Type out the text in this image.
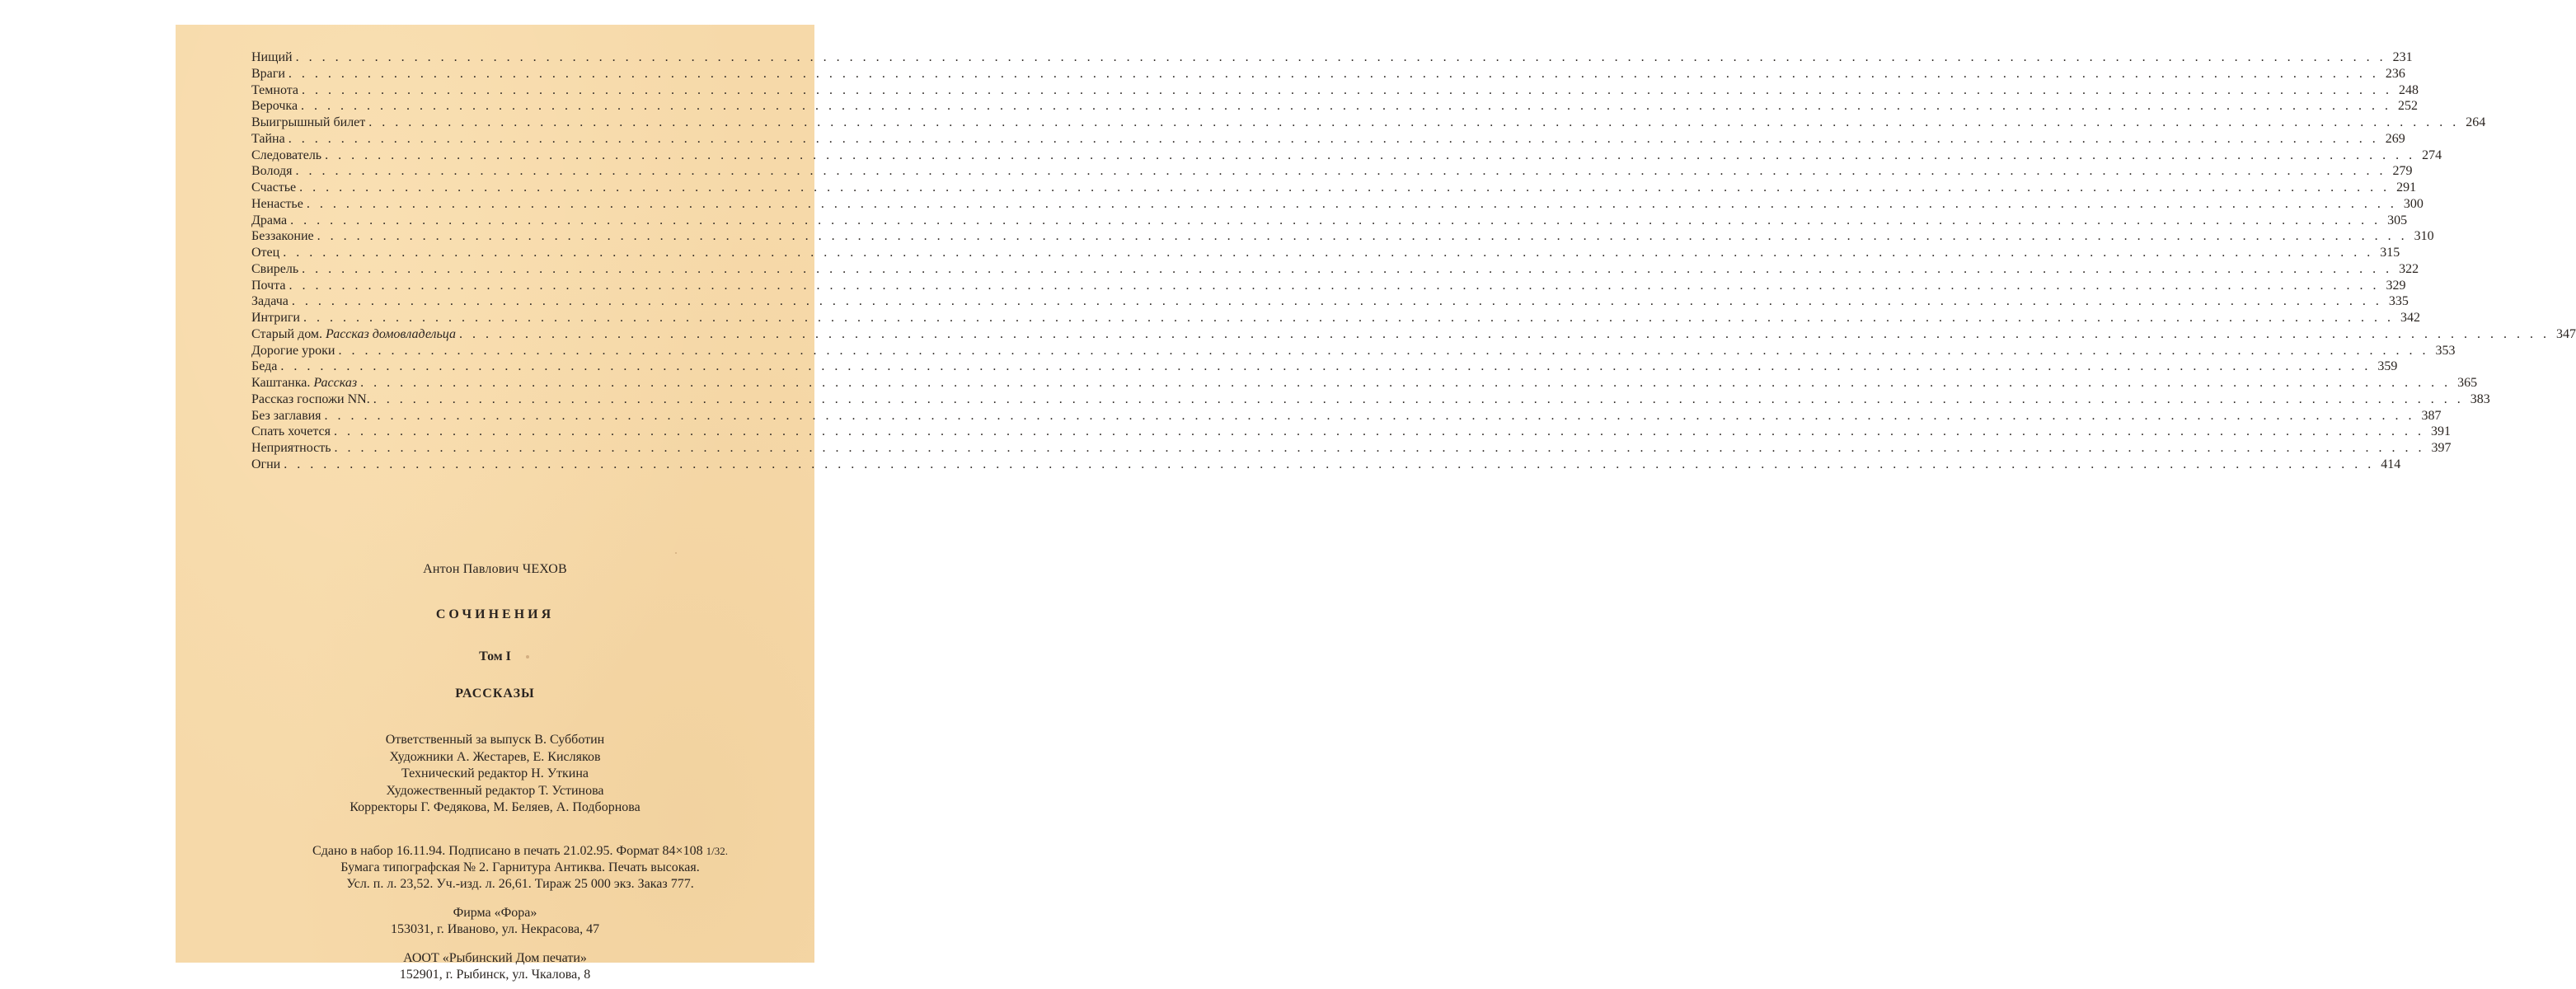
Нищий . . .	231
Враги . . .	236
Темнота . . .	248
Верочка . . .	252
Выигрышный билет . . .	264
Тайна . . .	269
Следователь . . .	274
Володя . . .	279
Счастье . . .	291
Ненастье . . .	300
Драма . . .	305
Беззаконие . . .	310
Отец . . .	315
Свирель . . .	322
Почта . . .	329
Задача . . .	335
Интриги . . .	342
Старый дом. Рассказ домовладельца . . .	347
Дорогие уроки . . .	353
Беда . . .	359
Каштанка. Рассказ . . .	365
Рассказ госпожи NN. . . .	383
Без заглавия . . .	387
Спать хочется . . .	391
Неприятность . . .	397
Огни . . .	414
Антон Павлович ЧЕХОВ
СОЧИНЕНИЯ
Том I
РАССКАЗЫ
Ответственный за выпуск В. Субботин
Художники А. Жестарев, Е. Кисляков
Технический редактор Н. Уткина
Художественный редактор Т. Устинова
Корректоры Г. Федякова, М. Беляев, А. Подборнова
Сдано в набор 16.11.94. Подписано в печать 21.02.95. Формат 84×108 1/32.
Бумага типографская № 2. Гарнитура Антиква. Печать высокая.
Усл. п. л. 23,52. Уч.-изд. л. 26,61. Тираж 25 000 экз. Заказ 777.
Фирма «Фора»
153031, г. Иваново, ул. Некрасова, 47
АООТ «Рыбинский Дом печати»
152901, г. Рыбинск, ул. Чкалова, 8
